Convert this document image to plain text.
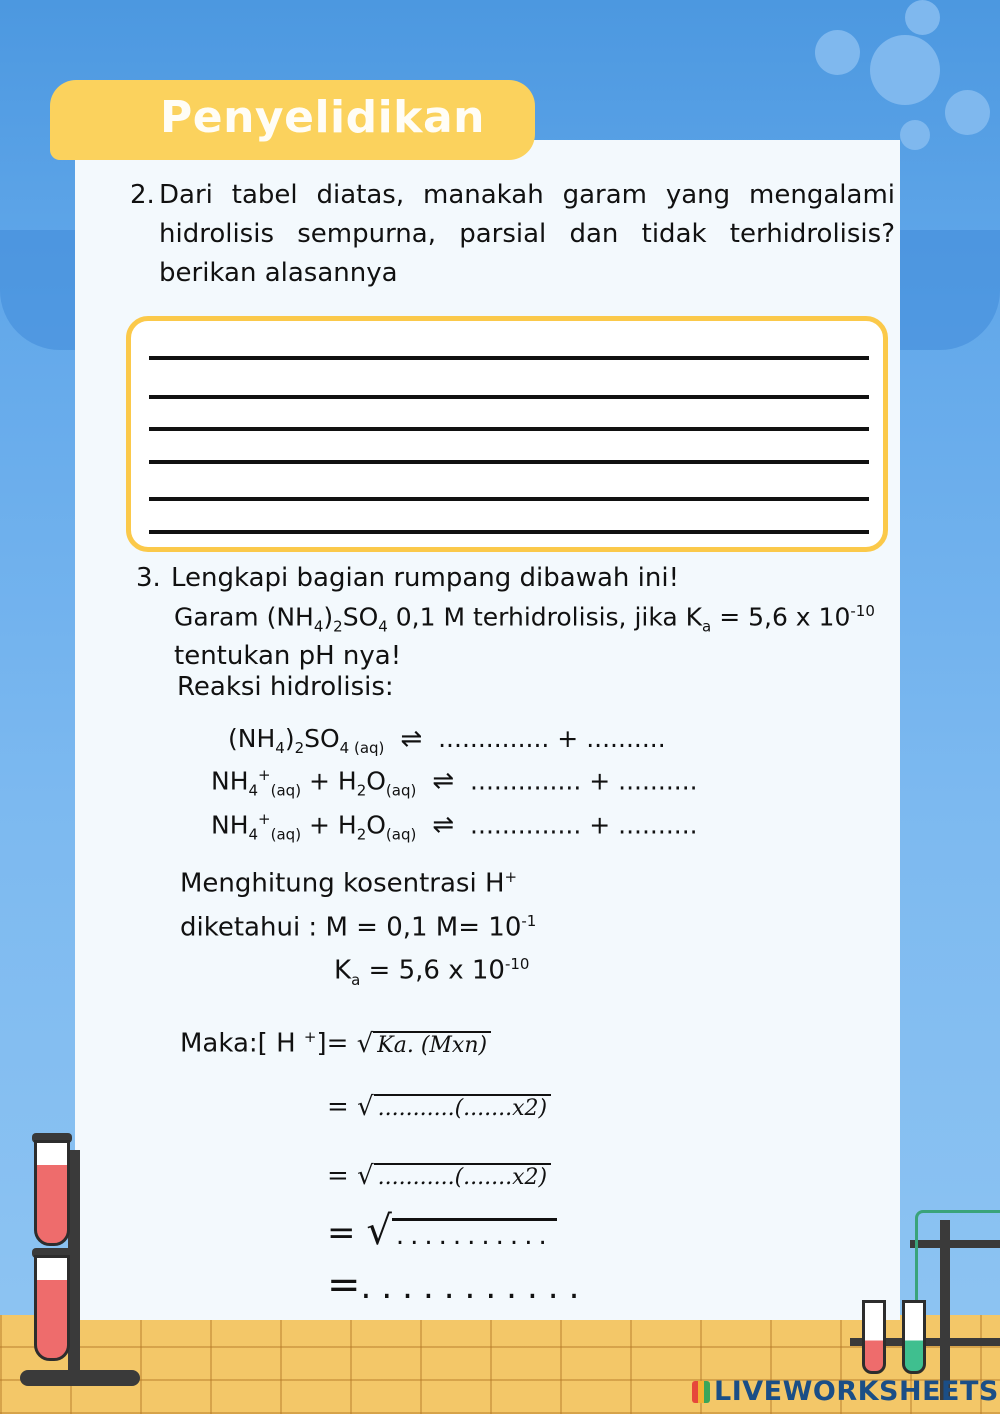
Penyelidikan
2. Dari tabel diatas, manakah garam yang mengalami hidrolisis sempurna, parsial dan tidak terhidrolisis? berikan alasannya
3. Lengkapi bagian rumpang dibawah ini!
Garam $(NH_4)_2SO_4$ 0,1 M terhidrolisis, jika $K_a = 5,6$ x $10^{-10}$
tentukan pH nya!
Reaksi hidrolisis:
$(NH_4)_2SO_{4 (aq)}$ ⇌ .............. + ..........
$NH_4^+_{(aq)} + H_2O_{(aq)}$ ⇌ .............. + ..........
$NH_4^+_{(aq)} + H_2O_{(aq)}$ ⇌ .............. + ..........
Menghitung kosentrasi H+
diketahui : M = 0,1 $M= 10^{-1}$
$K_a = 5,6$ x $10^{-10}$
Maka:[ H +]= √ Ka. (Mxn)
= √ ...........(.......x2)
= √ ...........(.......x2)
= √ ...........
=...........
LIVEWORKSHEETS
